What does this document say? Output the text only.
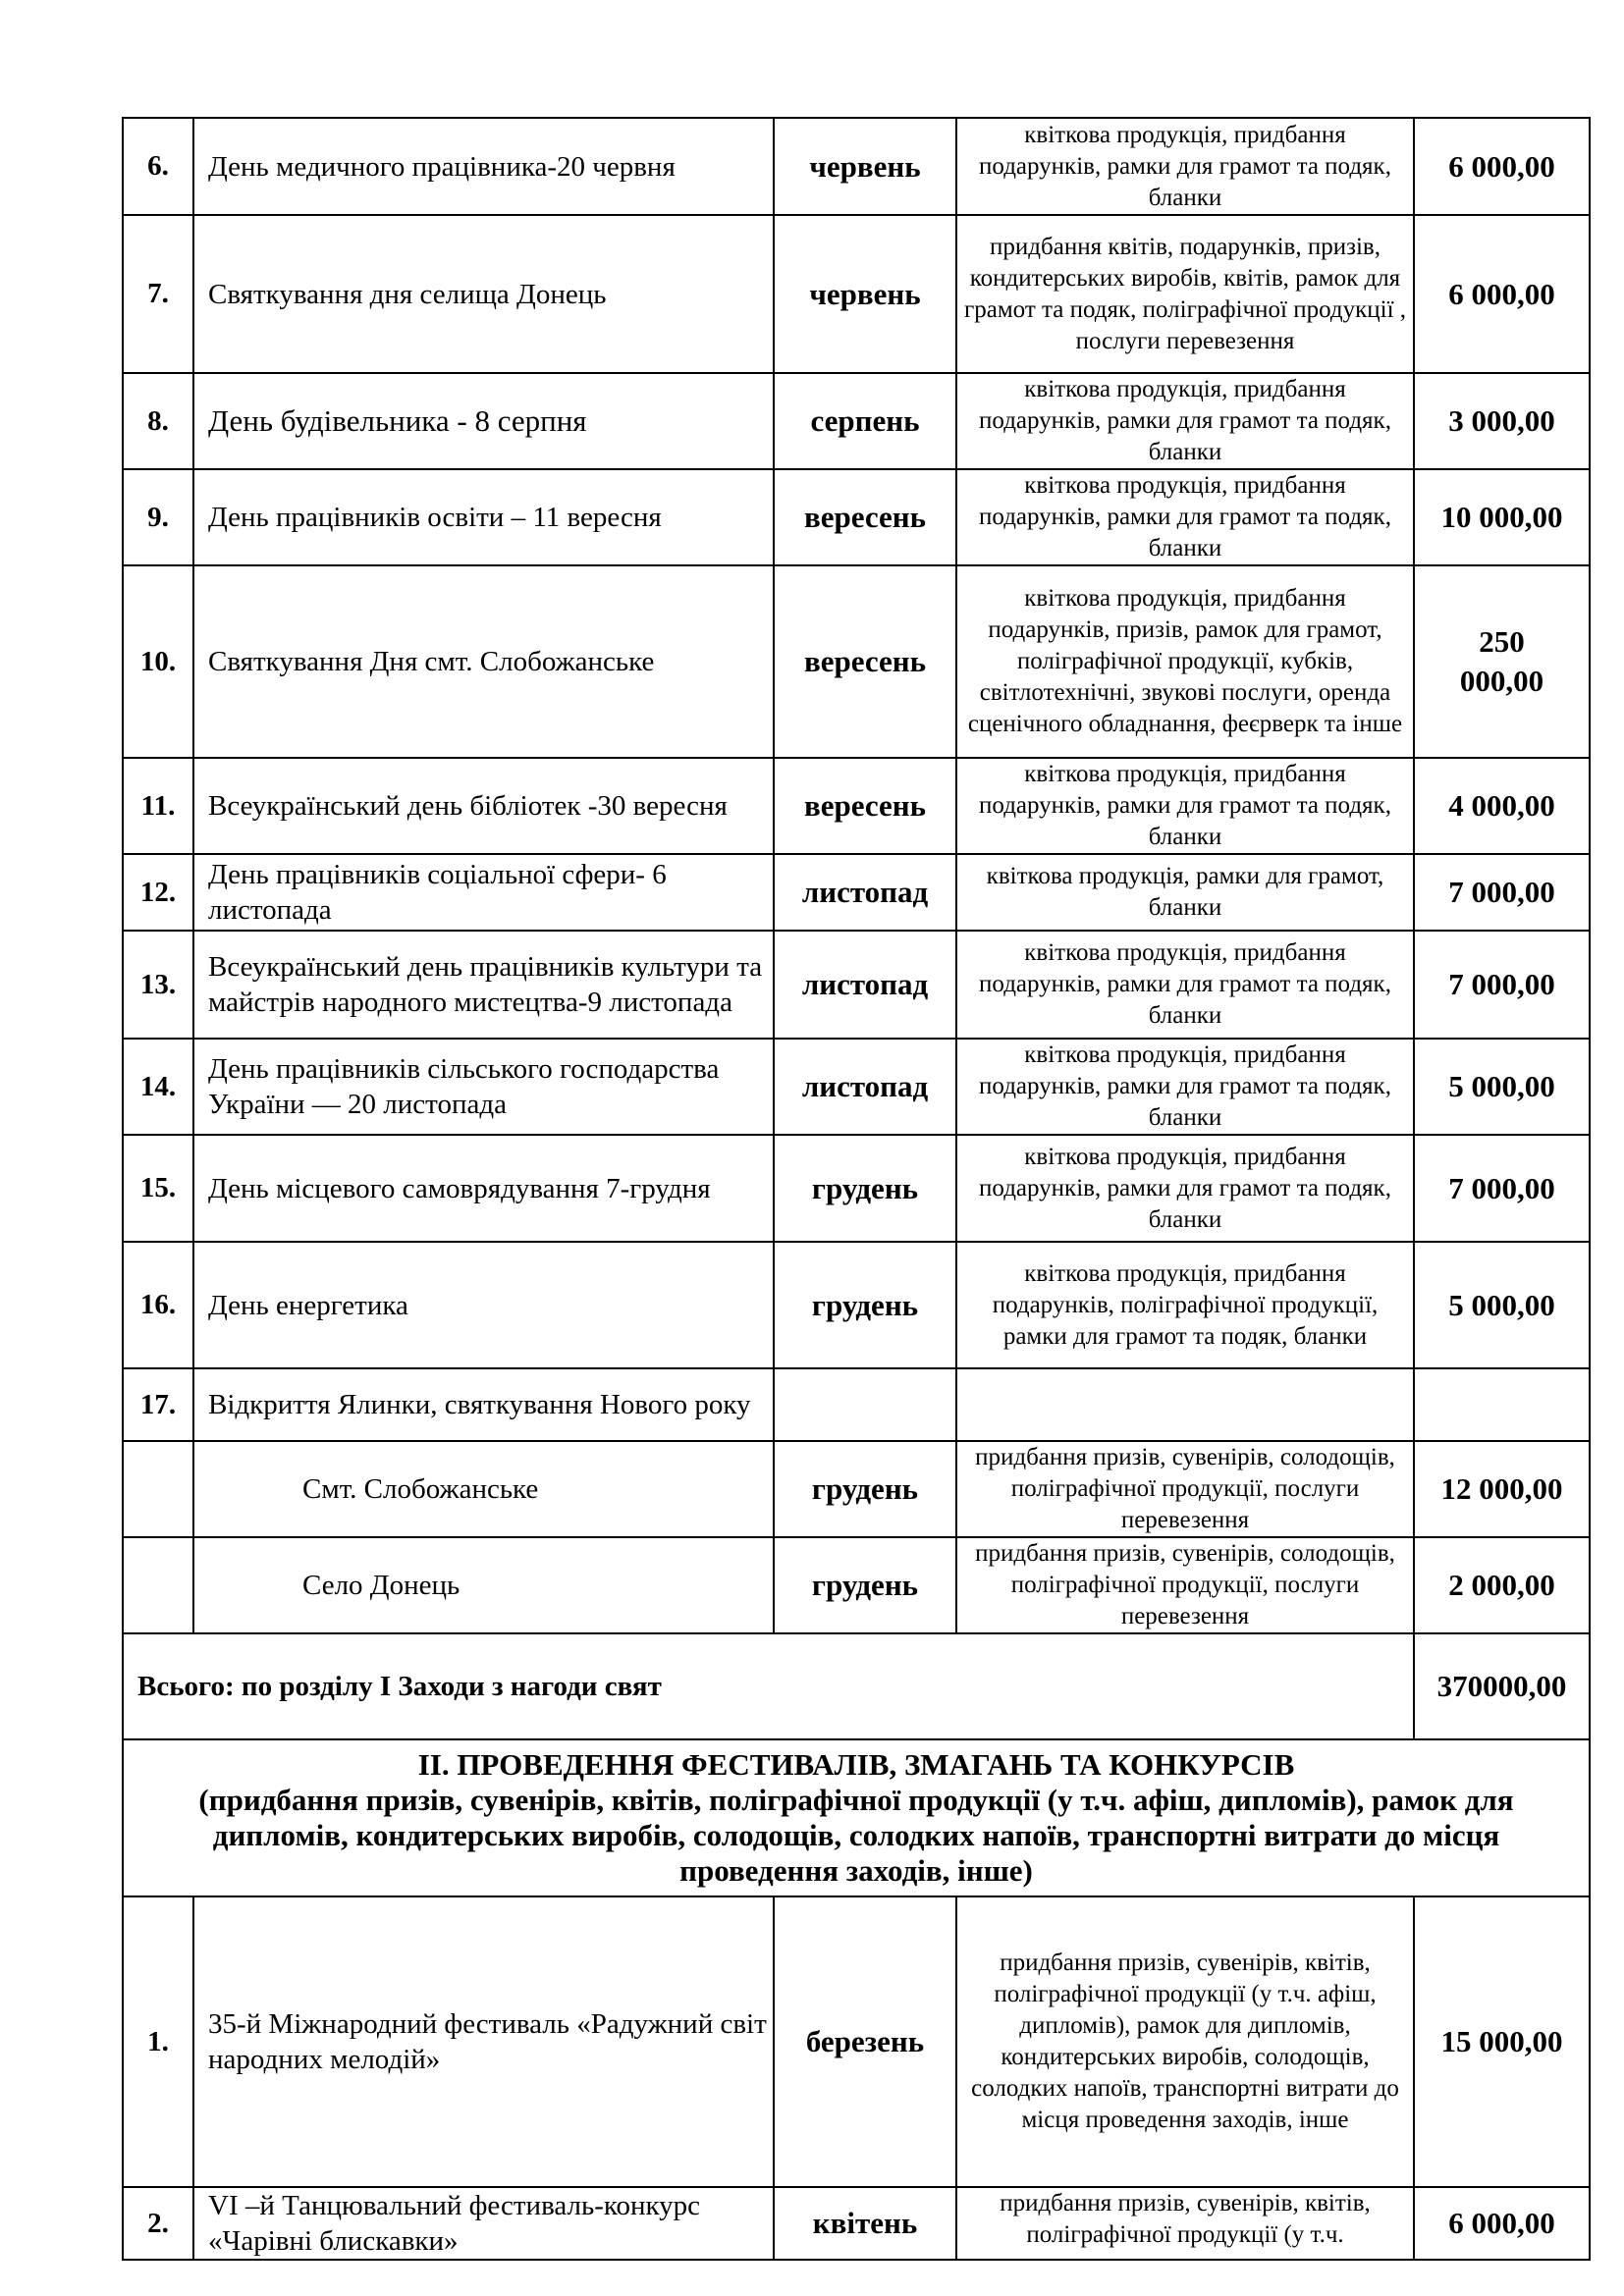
6.	День медичного працівника-20 червня	червень	квіткова продукція, придбання подарунків, рамки для грамот та подяк, бланки	6 000,00
7.	Святкування дня селища Донець	червень	придбання квітів, подарунків, призів, кондитерських виробів, квітів, рамок для грамот та подяк, поліграфічної продукції , послуги перевезення	6 000,00
8.	День будівельника - 8 серпня	серпень	квіткова продукція, придбання подарунків, рамки для грамот та подяк, бланки	3 000,00
9.	День працівників освіти – 11 вересня	вересень	квіткова продукція, придбання подарунків, рамки для грамот та подяк, бланки	10 000,00
10.	Святкування Дня смт. Слобожанське	вересень	квіткова продукція, придбання подарунків, призів, рамок для грамот, поліграфічної продукції, кубків, світлотехнічні, звукові послуги, оренда сценічного обладнання, феєрверк та інше	250 000,00
11.	Всеукраїнський день бібліотек -30 вересня	вересень	квіткова продукція, придбання подарунків, рамки для грамот та подяк, бланки	4 000,00
12.	День працівників соціальної сфери- 6 листопада	листопад	квіткова продукція, рамки для грамот, бланки	7 000,00
13.	Всеукраїнський день працівників культури та майстрів народного мистецтва-9 листопада	листопад	квіткова продукція, придбання подарунків, рамки для грамот та подяк, бланки	7 000,00
14.	День працівників сільського господарства України — 20 листопада	листопад	квіткова продукція, придбання подарунків, рамки для грамот та подяк, бланки	5 000,00
15.	День місцевого самоврядування 7-грудня	грудень	квіткова продукція, придбання подарунків, рамки для грамот та подяк, бланки	7 000,00
16.	День енергетика	грудень	квіткова продукція, придбання подарунків, поліграфічної продукції, рамки для грамот та подяк, бланки	5 000,00
17.	Відкриття Ялинки, святкування Нового року			
	Смт. Слобожанське	грудень	придбання призів, сувенірів, солодощів, поліграфічної продукції, послуги перевезення	12 000,00
	Село Донець	грудень	придбання призів, сувенірів, солодощів, поліграфічної продукції, послуги перевезення	2 000,00
Всього: по розділу І Заходи з нагоди свят				370000,00

ІІ. ПРОВЕДЕННЯ ФЕСТИВАЛІВ, ЗМАГАНЬ ТА КОНКУРСІВ
(придбання призів, сувенірів, квітів, поліграфічної продукції (у т.ч. афіш, дипломів), рамок для дипломів, кондитерських виробів, солодощів, солодких напоїв, транспортні витрати до місця проведення заходів, інше)				

1.	35-й Міжнародний фестиваль «Радужний світ народних мелодій»	березень	придбання призів, сувенірів, квітів, поліграфічної продукції (у т.ч. афіш, дипломів), рамок для дипломів, кондитерських виробів, солодощів, солодких напоїв, транспортні витрати до місця проведення заходів, інше	15 000,00
2.	VІ –й Танцювальний фестиваль-конкурс «Чарівні блискавки»	квітень	придбання призів, сувенірів, квітів, поліграфічної продукції (у т.ч.	6 000,00
